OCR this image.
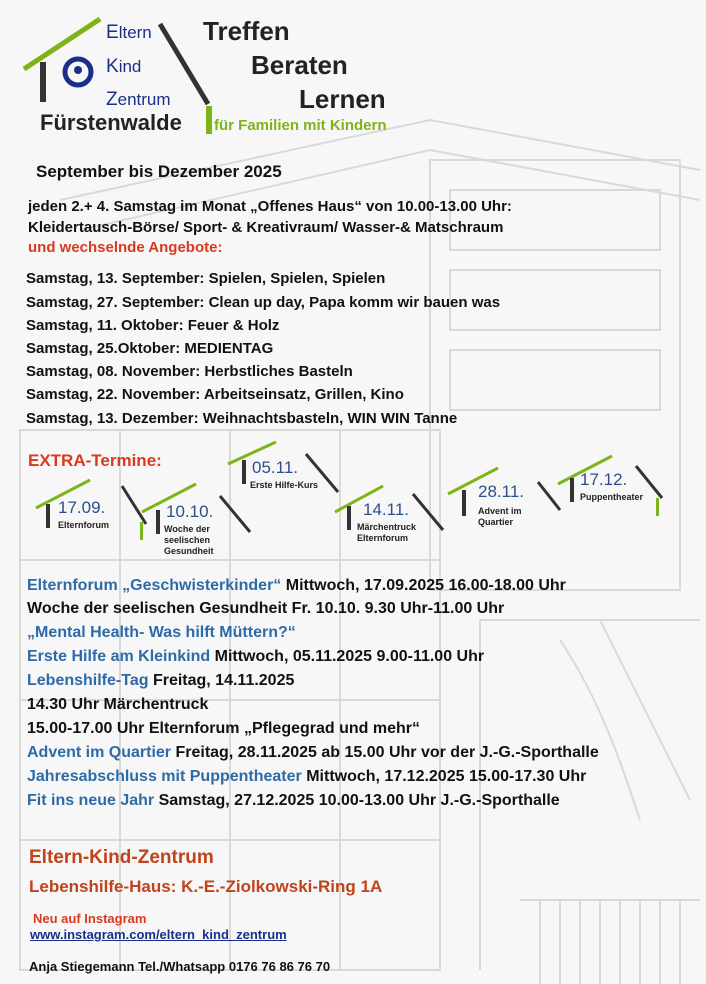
Eltern
Kind
Zentrum
Fürstenwalde für Familien mit Kindern
Treffen
Beraten
Lernen
September bis Dezember 2025
jeden 2.+ 4. Samstag im Monat „Offenes Haus“ von 10.00-13.00 Uhr:
Kleidertausch-Börse/ Sport- & Kreativraum/ Wasser-& Matschraum
und wechselnde Angebote:
Samstag, 13. September: Spielen, Spielen, Spielen
Samstag, 27. September: Clean up day, Papa komm wir bauen was
Samstag, 11. Oktober: Feuer & Holz
Samstag, 25.Oktober: MEDIENTAG
Samstag, 08. November: Herbstliches Basteln
Samstag, 22. November: Arbeitseinsatz, Grillen, Kino
Samstag, 13. Dezember: Weihnachtsbasteln, WIN WIN Tanne
EXTRA-Termine:
17.09.
Elternforum
10.10.
Woche der seelischen Gesundheit
05.11.
Erste Hilfe-Kurs
14.11.
Märchentruck Elternforum
28.11.
Advent im Quartier
17.12.
Puppentheater
Elternforum „Geschwisterkinder“ Mittwoch, 17.09.2025 16.00-18.00 Uhr
Woche der seelischen Gesundheit Fr. 10.10. 9.30 Uhr-11.00 Uhr
„Mental Health- Was hilft Müttern?“
Erste Hilfe am Kleinkind Mittwoch, 05.11.2025 9.00-11.00 Uhr
Lebenshilfe-Tag Freitag, 14.11.2025
14.30 Uhr Märchentruck
15.00-17.00 Uhr Elternforum „Pflegegrad und mehr“
Advent im Quartier Freitag, 28.11.2025 ab 15.00 Uhr vor der J.-G.-Sporthalle
Jahresabschluss mit Puppentheater Mittwoch, 17.12.2025 15.00-17.30 Uhr
Fit ins neue Jahr Samstag, 27.12.2025 10.00-13.00 Uhr J.-G.-Sporthalle
Eltern-Kind-Zentrum
Lebenshilfe-Haus: K.-E.-Ziolkowski-Ring 1A
Neu auf Instagram
www.instagram.com/eltern_kind_zentrum
Anja Stiegemann Tel./Whatsapp 0176 76 86 76 70
